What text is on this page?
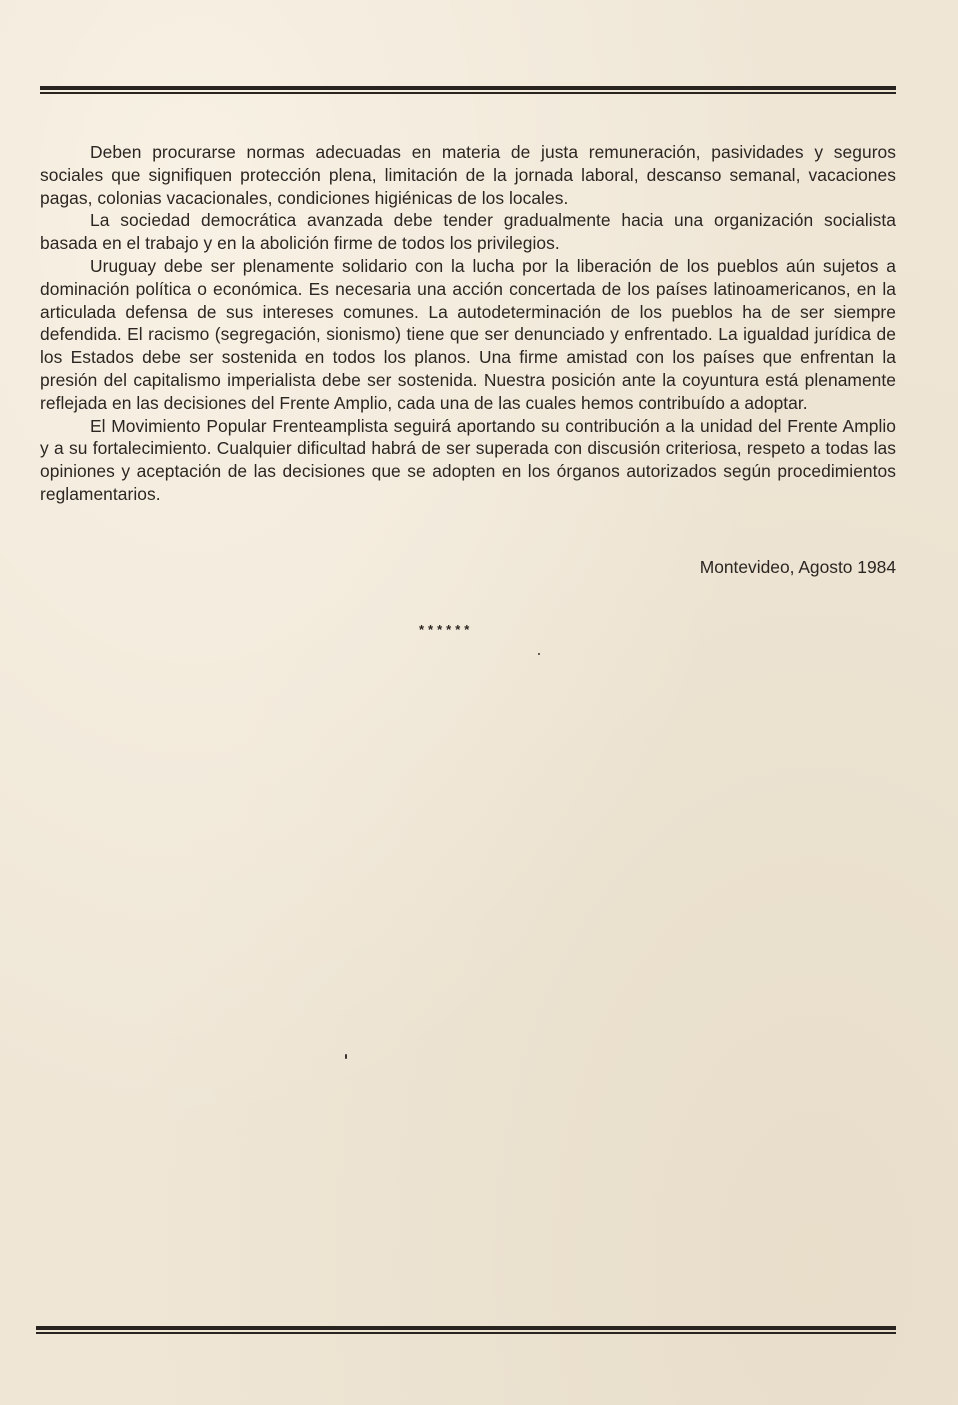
Deben procurarse normas adecuadas en materia de justa remuneración, pasividades y seguros sociales que signifiquen protección plena, limitación de la jornada laboral, descanso semanal, vacaciones pagas, colonias vacacionales, condiciones higiénicas de los locales.

La sociedad democrática avanzada debe tender gradualmente hacia una organización socialista basada en el trabajo y en la abolición firme de todos los privilegios.

Uruguay debe ser plenamente solidario con la lucha por la liberación de los pueblos aún sujetos a dominación política o económica. Es necesaria una acción concertada de los países latinoamericanos, en la articulada defensa de sus intereses comunes. La autodeterminación de los pueblos ha de ser siempre defendida. El racismo (segregación, sionismo) tiene que ser denunciado y enfrentado. La igualdad jurídica de los Estados debe ser sostenida en todos los planos. Una firme amistad con los países que enfrentan la presión del capitalismo imperialista debe ser sostenida. Nuestra posición ante la coyuntura está plenamente reflejada en las decisiones del Frente Amplio, cada una de las cuales hemos contribuído a adoptar.

El Movimiento Popular Frenteamplista seguirá aportando su contribución a la unidad del Frente Amplio y a su fortalecimiento. Cualquier dificultad habrá de ser superada con discusión criteriosa, respeto a todas las opiniones y aceptación de las decisiones que se adopten en los órganos autorizados según procedimientos reglamentarios.

Montevideo, Agosto 1984

******
